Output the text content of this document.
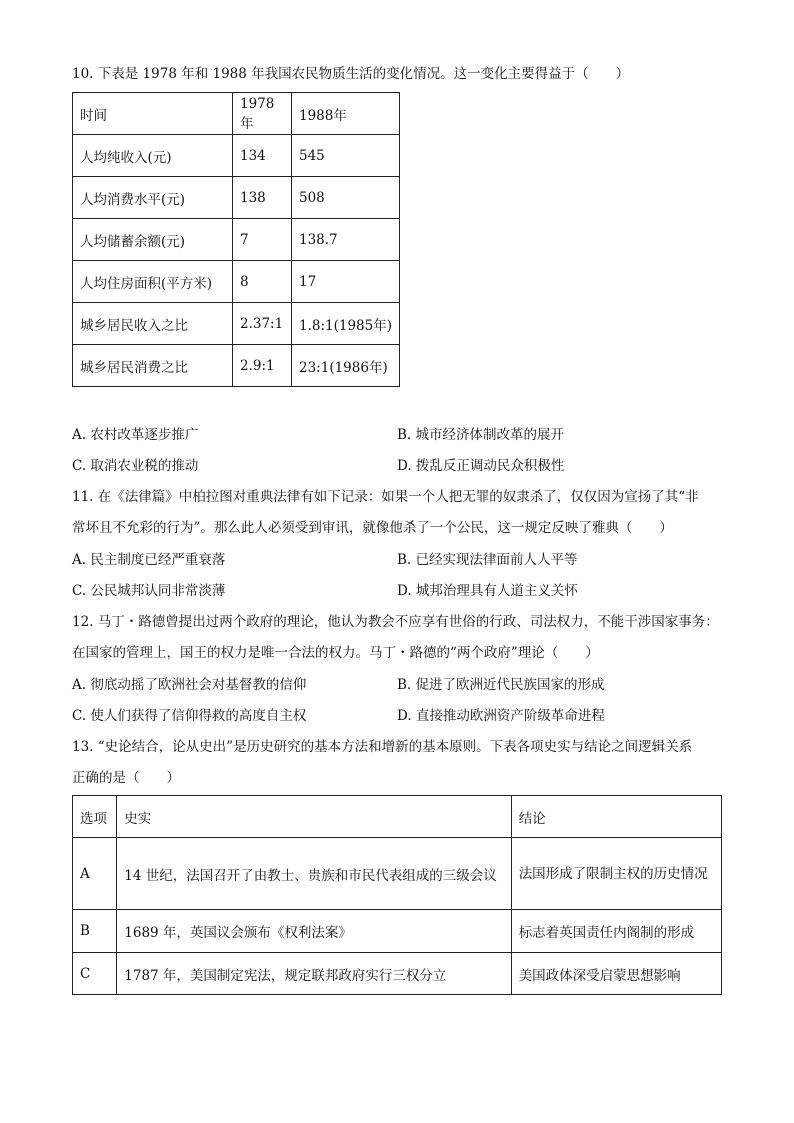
10. 下表是 1978 年和 1988 年我国农民物质生活的变化情况。这一变化主要得益于（　　）
时间	1978年	1988年
人均纯收入(元)	134	545
人均消费水平(元)	138	508
人均储蓄余额(元)	7	138.7
人均住房面积(平方米)	8	17
城乡居民收入之比	2.37:1	1.8:1(1985年)
城乡居民消费之比	2.9:1	23:1(1986年)
A. 农村改革逐步推广	B. 城市经济体制改革的展开
C. 取消农业税的推动	D. 拨乱反正调动民众积极性
11. 在《法律篇》中柏拉图对重典法律有如下记录：如果一个人把无罪的奴隶杀了，仅仅因为宣扬了其“非
常坏且不允彩的行为”。那么此人必须受到审讯，就像他杀了一个公民，这一规定反映了雅典（　　）
A. 民主制度已经严重衰落	B. 已经实现法律面前人人平等
C. 公民城邦认同非常淡薄	D. 城邦治理具有人道主义关怀
12. 马丁・路德曾提出过两个政府的理论，他认为教会不应享有世俗的行政、司法权力，不能干涉国家事务：
在国家的管理上，国王的权力是唯一合法的权力。马丁・路德的“两个政府”理论（　　）
A. 彻底动摇了欧洲社会对基督教的信仰	B. 促进了欧洲近代民族国家的形成
C. 使人们获得了信仰得救的高度自主权	D. 直接推动欧洲资产阶级革命进程
13. “史论结合，论从史出”是历史研究的基本方法和增新的基本原则。下表各项史实与结论之间逻辑关系
正确的是（　　）
选项	史实	结论
A	14 世纪，法国召开了由教士、贵族和市民代表组成的三级会议	法国形成了限制主权的历史情况
B	1689 年，英国议会颁布《权利法案》	标志着英国责任内阁制的形成
C	1787 年，美国制定宪法，规定联邦政府实行三权分立	美国政体深受启蒙思想影响
